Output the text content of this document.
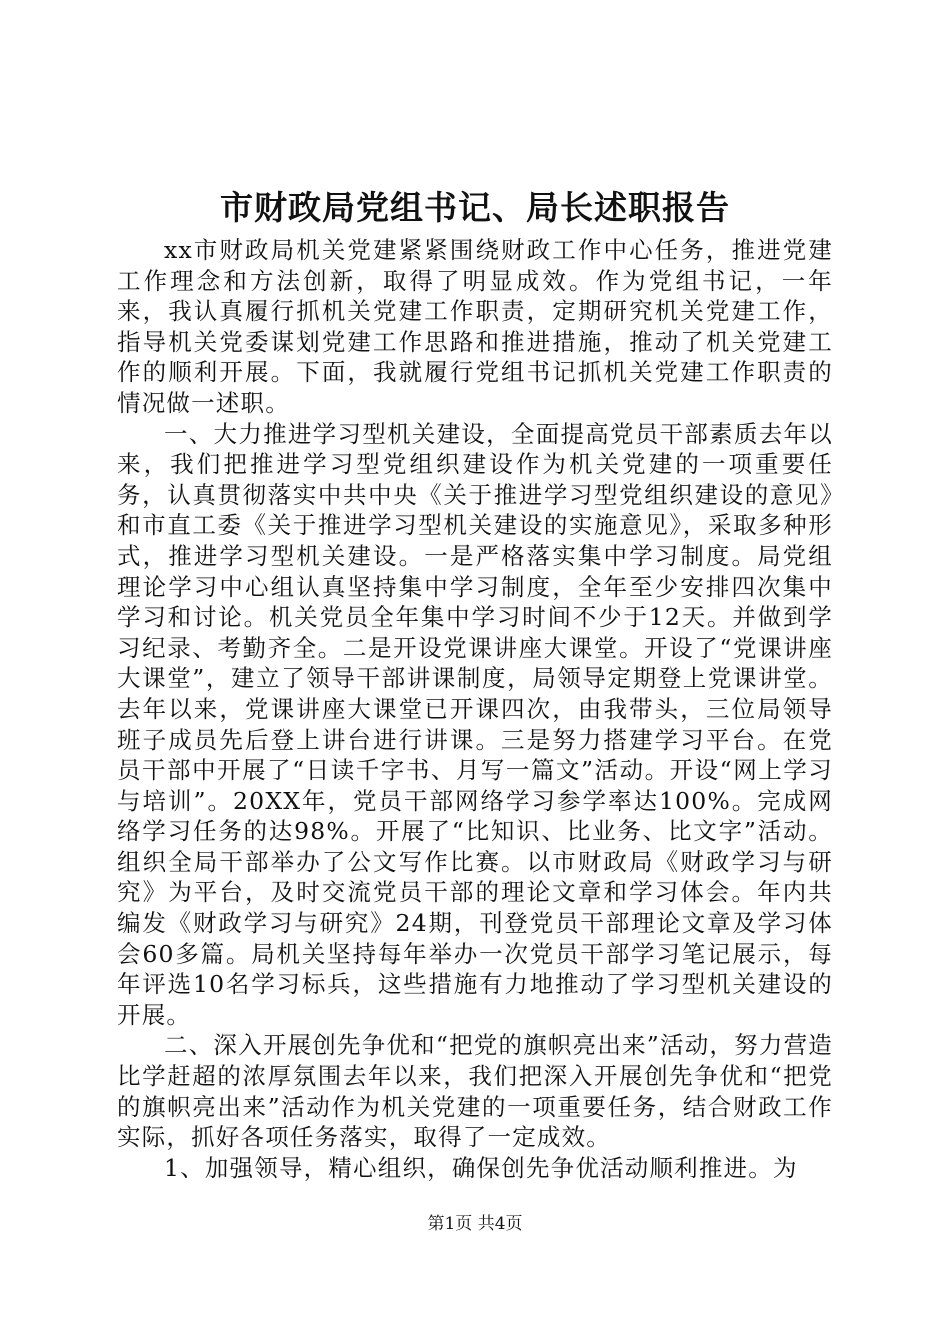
市财政局党组书记、局长述职报告

xx市财政局机关党建紧紧围绕财政工作中心任务，推进党建工作理念和方法创新，取得了明显成效。作为党组书记，一年来，我认真履行抓机关党建工作职责，定期研究机关党建工作，指导机关党委谋划党建工作思路和推进措施，推动了机关党建工作的顺利开展。下面，我就履行党组书记抓机关党建工作职责的情况做一述职。

一、大力推进学习型机关建设，全面提高党员干部素质去年以来，我们把推进学习型党组织建设作为机关党建的一项重要任务，认真贯彻落实中共中央《关于推进学习型党组织建设的意见》和市直工委《关于推进学习型机关建设的实施意见》，采取多种形式，推进学习型机关建设。一是严格落实集中学习制度。局党组理论学习中心组认真坚持集中学习制度，全年至少安排四次集中学习和讨论。机关党员全年集中学习时间不少于12天。并做到学习纪录、考勤齐全。二是开设党课讲座大课堂。开设了“党课讲座大课堂”，建立了领导干部讲课制度，局领导定期登上党课讲堂。去年以来，党课讲座大课堂已开课四次，由我带头，三位局领导班子成员先后登上讲台进行讲课。三是努力搭建学习平台。在党员干部中开展了“日读千字书、月写一篇文”活动。开设“网上学习与培训”。20XX年，党员干部网络学习参学率达100%。完成网络学习任务的达98%。开展了“比知识、比业务、比文字”活动。组织全局干部举办了公文写作比赛。以市财政局《财政学习与研究》为平台，及时交流党员干部的理论文章和学习体会。年内共编发《财政学习与研究》24期，刊登党员干部理论文章及学习体会60多篇。局机关坚持每年举办一次党员干部学习笔记展示，每年评选10名学习标兵，这些措施有力地推动了学习型机关建设的开展。

二、深入开展创先争优和“把党的旗帜亮出来”活动，努力营造比学赶超的浓厚氛围去年以来，我们把深入开展创先争优和“把党的旗帜亮出来”活动作为机关党建的一项重要任务，结合财政工作实际，抓好各项任务落实，取得了一定成效。

1、加强领导，精心组织，确保创先争优活动顺利推进。为

第1页 共4页
